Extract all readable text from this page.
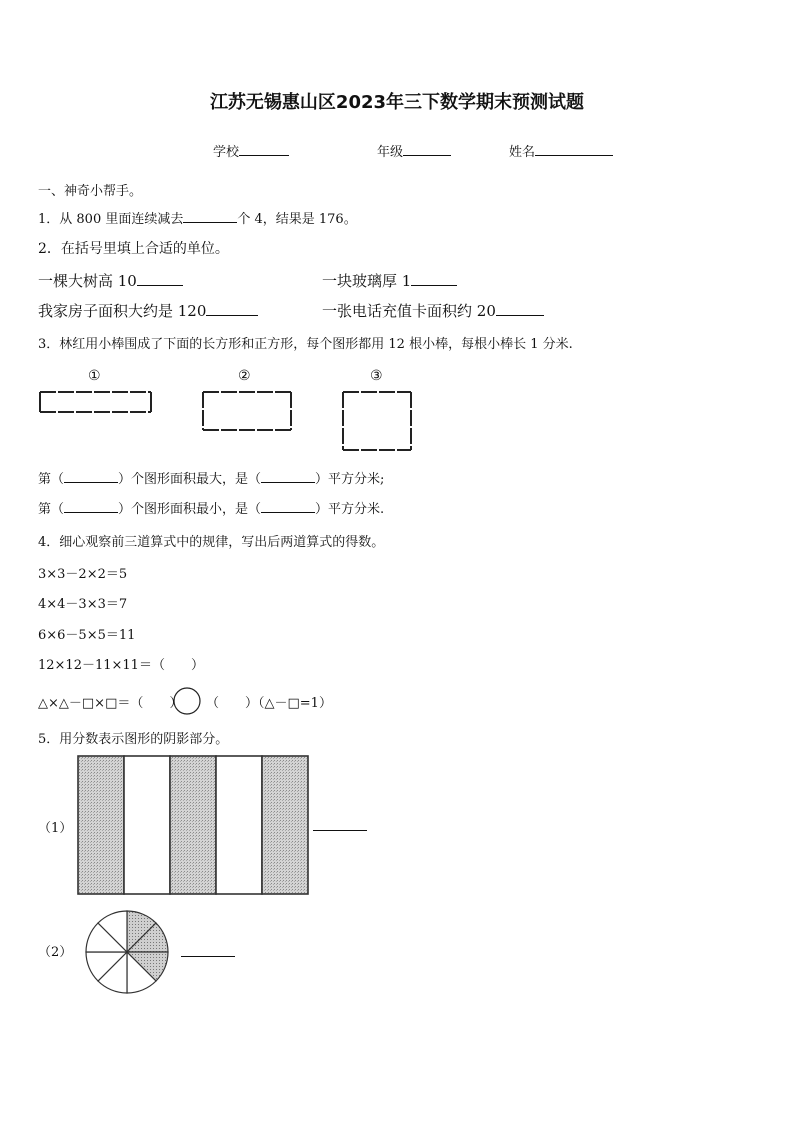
江苏无锡惠山区2023年三下数学期末预测试题
学校	年级	姓名
一、神奇小帮手。
1．从 800 里面连续减去	个 4，结果是 176。
2．在括号里填上合适的单位。
一棵大树高 10	一块玻璃厚 1
我家房子面积大约是 120	一张电话充值卡面积约 20
3．林红用小棒围成了下面的长方形和正方形，每个图形都用 12 根小棒，每根小棒长 1 分米.
①	②	③
第（	）个图形面积最大，是（	）平方分米;
第（	）个图形面积最小，是（	）平方分米.
4．细心观察前三道算式中的规律，写出后两道算式的得数。
3×3－2×2＝5
4×4－3×3＝7
6×6－5×5＝11
12×12－11×11＝（　　）
△×△－□×□＝（　　） （　　）（△－□=1）
5．用分数表示图形的阴影部分。
（1）
（2）
